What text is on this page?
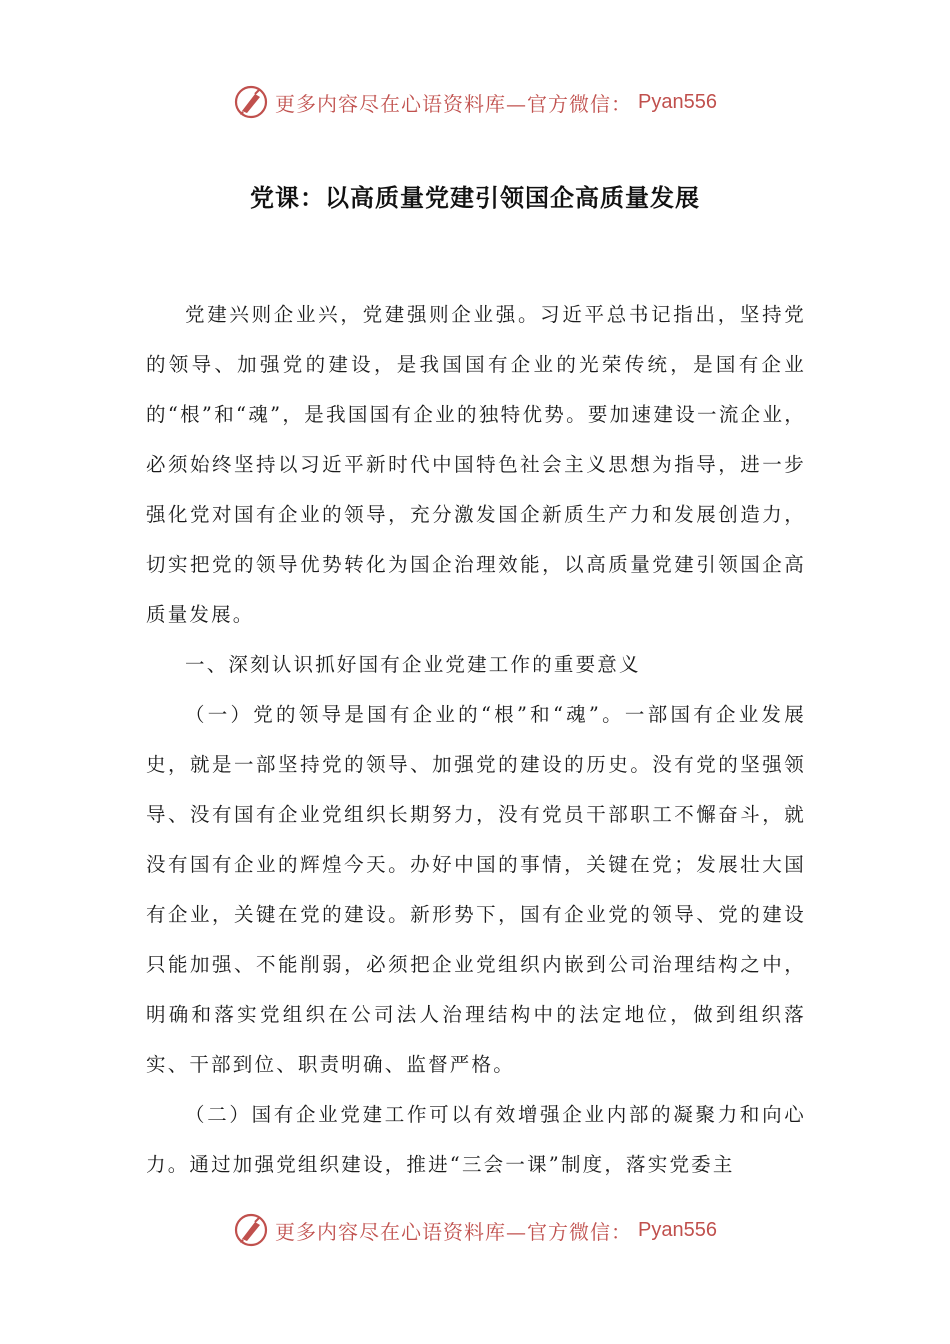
更多内容尽在心语资料库—官方微信： Pyan556
党课：以高质量党建引领国企高质量发展

党建兴则企业兴，党建强则企业强。习近平总书记指出，坚持党的领导、加强党的建设，是我国国有企业的光荣传统，是国有企业的“根”和“魂”，是我国国有企业的独特优势。要加速建设一流企业，必须始终坚持以习近平新时代中国特色社会主义思想为指导，进一步强化党对国有企业的领导，充分激发国企新质生产力和发展创造力，切实把党的领导优势转化为国企治理效能，以高质量党建引领国企高质量发展。

一、深刻认识抓好国有企业党建工作的重要意义

（一）党的领导是国有企业的“根”和“魂”。一部国有企业发展史，就是一部坚持党的领导、加强党的建设的历史。没有党的坚强领导、没有国有企业党组织长期努力，没有党员干部职工不懈奋斗，就没有国有企业的辉煌今天。办好中国的事情，关键在党；发展壮大国有企业，关键在党的建设。新形势下，国有企业党的领导、党的建设只能加强、不能削弱，必须把企业党组织内嵌到公司治理结构之中，明确和落实党组织在公司法人治理结构中的法定地位，做到组织落实、干部到位、职责明确、监督严格。

（二）国有企业党建工作可以有效增强企业内部的凝聚力和向心力。通过加强党组织建设，推进“三会一课”制度，落实党委主

更多内容尽在心语资料库—官方微信： Pyan556
